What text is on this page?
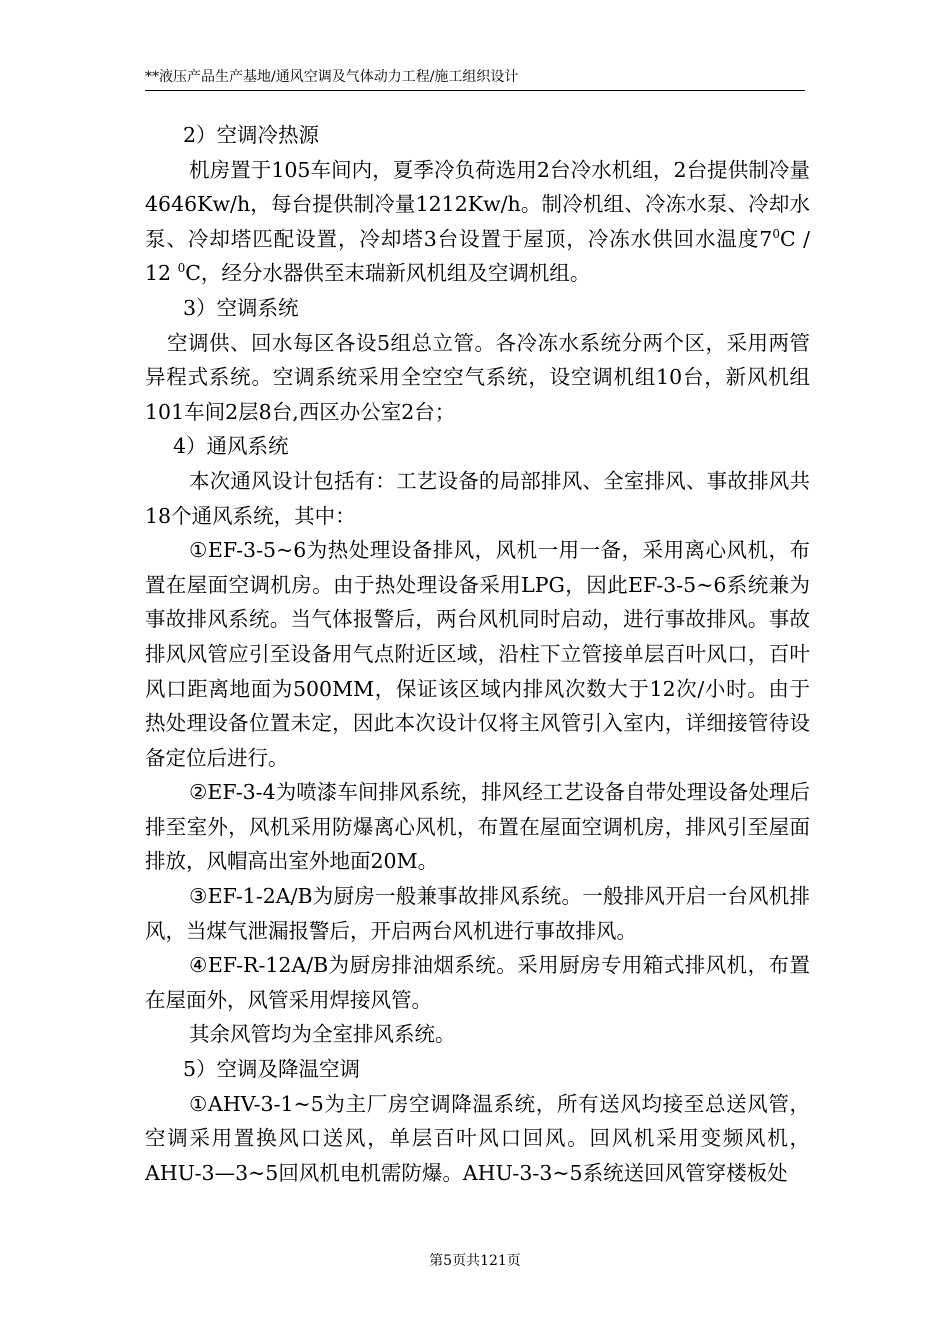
**液压产品生产基地/通风空调及气体动力工程/施工组织设计

2）空调冷热源

机房置于105车间内，夏季冷负荷选用2台冷水机组，2台提供制冷量4646Kw/h，每台提供制冷量1212Kw/h。制冷机组、冷冻水泵、冷却水泵、冷却塔匹配设置，冷却塔3台设置于屋顶，冷冻水供回水温度$7^0C / 12$ $^0$C，经分水器供至末瑞新风机组及空调机组。

3）空调系统

空调供、回水每区各设5组总立管。各冷冻水系统分两个区，采用两管异程式系统。空调系统采用全空空气系统，设空调机组10台，新风机组101车间2层8台,西区办公室2台；

4）通风系统

本次通风设计包括有：工艺设备的局部排风、全室排风、事故排风共18个通风系统，其中：

①EF-3-5~6为热处理设备排风，风机一用一备，采用离心风机，布置在屋面空调机房。由于热处理设备采用LPG，因此EF-3-5~6系统兼为事故排风系统。当气体报警后，两台风机同时启动，进行事故排风。事故排风风管应引至设备用气点附近区域，沿柱下立管接单层百叶风口，百叶风口距离地面为500MM，保证该区域内排风次数大于12次/小时。由于热处理设备位置未定，因此本次设计仅将主风管引入室内，详细接管待设备定位后进行。

②EF-3-4为喷漆车间排风系统，排风经工艺设备自带处理设备处理后排至室外，风机采用防爆离心风机，布置在屋面空调机房，排风引至屋面排放，风帽高出室外地面20M。

③EF-1-2A/B为厨房一般兼事故排风系统。一般排风开启一台风机排风，当煤气泄漏报警后，开启两台风机进行事故排风。

④EF-R-12A/B为厨房排油烟系统。采用厨房专用箱式排风机，布置在屋面外，风管采用焊接风管。

其余风管均为全室排风系统。

5）空调及降温空调

①AHV-3-1~5为主厂房空调降温系统，所有送风均接至总送风管，空调采用置换风口送风，单层百叶风口回风。回风机采用变频风机，AHU-3—3~5回风机电机需防爆。AHU-3-3~5系统送回风管穿楼板处

第5页共121页
